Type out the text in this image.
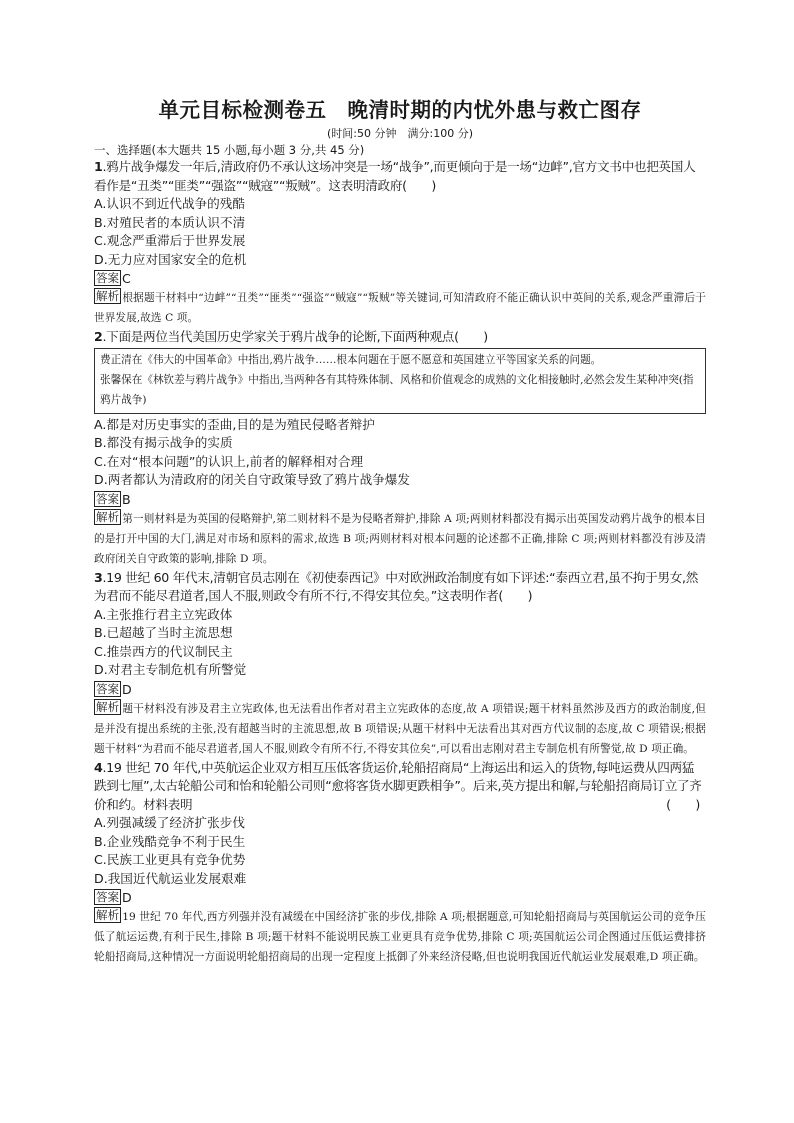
单元目标检测卷五　晚清时期的内忧外患与救亡图存
(时间:50 分钟　满分:100 分)
一、选择题(本大题共 15 小题,每小题 3 分,共 45 分)
1.鸦片战争爆发一年后,清政府仍不承认这场冲突是一场“战争”,而更倾向于是一场“边衅”,官方文书中也把英国人看作是“丑类”“匪类”“强盗”“贼寇”“叛贼”。这表明清政府(　　)
A.认识不到近代战争的残酷
B.对殖民者的本质认识不清
C.观念严重滞后于世界发展
D.无力应对国家安全的危机
答案 C
解析 根据题干材料中“边衅”“丑类”“匪类”“强盗”“贼寇”“叛贼”等关键词,可知清政府不能正确认识中英间的关系,观念严重滞后于世界发展,故选 C 项。
2.下面是两位当代美国历史学家关于鸦片战争的论断,下面两种观点(　　)

费正清在《伟大的中国革命》中指出,鸦片战争……根本问题在于愿不愿意和英国建立平等国家关系的问题。

张馨保在《林钦差与鸦片战争》中指出,当两种各有其特殊体制、风格和价值观念的成熟的文化相接触时,必然会发生某种冲突(指鸦片战争)

A.都是对历史事实的歪曲,目的是为殖民侵略者辩护
B.都没有揭示战争的实质
C.在对“根本问题”的认识上,前者的解释相对合理
D.两者都认为清政府的闭关自守政策导致了鸦片战争爆发
答案 B
解析 第一则材料是为英国的侵略辩护,第二则材料不是为侵略者辩护,排除 A 项;两则材料都没有揭示出英国发动鸦片战争的根本目的是打开中国的大门,满足对市场和原料的需求,故选 B 项;两则材料对根本问题的论述都不正确,排除 C 项;两则材料都没有涉及清政府闭关自守政策的影响,排除 D 项。
3.19 世纪 60 年代末,清朝官员志刚在《初使泰西记》中对欧洲政治制度有如下评述:“泰西立君,虽不拘于男女,然为君而不能尽君道者,国人不服,则政令有所不行,不得安其位矣。”这表明作者(　　)
A.主张推行君主立宪政体
B.已超越了当时主流思想
C.推崇西方的代议制民主
D.对君主专制危机有所警觉
答案 D
解析 题干材料没有涉及君主立宪政体,也无法看出作者对君主立宪政体的态度,故 A 项错误;题干材料虽然涉及西方的政治制度,但是并没有提出系统的主张,没有超越当时的主流思想,故 B 项错误;从题干材料中无法看出其对西方代议制的态度,故 C 项错误;根据题干材料“为君而不能尽君道者,国人不服,则政令有所不行,不得安其位矣”,可以看出志刚对君主专制危机有所警觉,故 D 项正确。
4.19 世纪 70 年代,中英航运企业双方相互压低客货运价,轮船招商局“上海运出和运入的货物,每吨运费从四两猛跌到七厘”,太古轮船公司和怡和轮船公司则“愈将客货水脚更跌相争”。后来,英方提出和解,与轮船招商局订立了齐价和约。材料表明	(　　)
A.列强减缓了经济扩张步伐
B.企业残酷竞争不利于民生
C.民族工业更具有竞争优势
D.我国近代航运业发展艰难
答案 D
解析 19 世纪 70 年代,西方列强并没有减缓在中国经济扩张的步伐,排除 A 项;根据题意,可知轮船招商局与英国航运公司的竞争压低了航运运费,有利于民生,排除 B 项;题干材料不能说明民族工业更具有竞争优势,排除 C 项;英国航运公司企图通过压低运费排挤轮船招商局,这种情况一方面说明轮船招商局的出现一定程度上抵御了外来经济侵略,但也说明我国近代航运业发展艰难,D 项正确。
